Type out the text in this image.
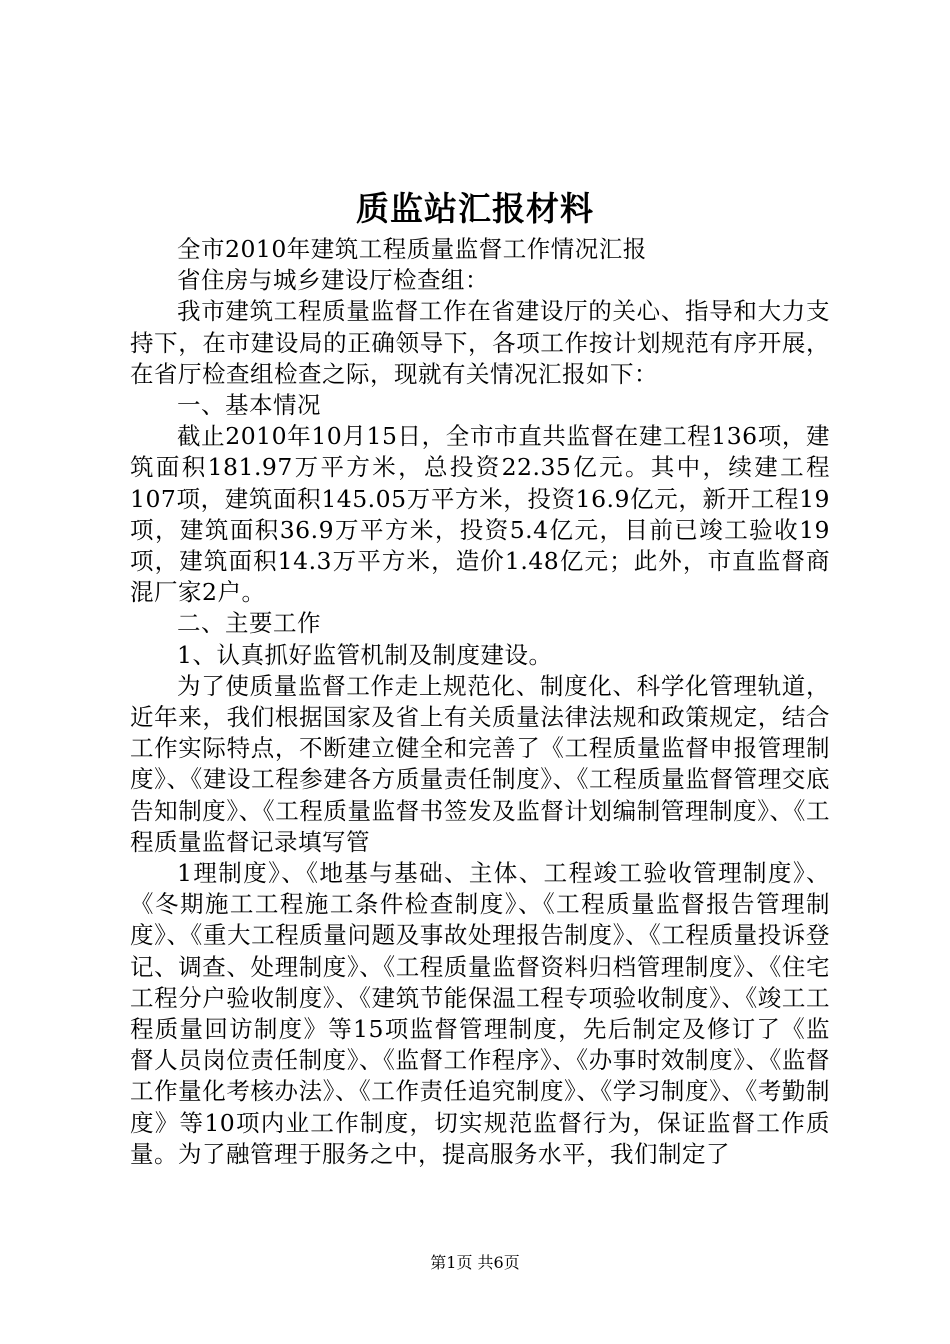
质监站汇报材料

全市2010年建筑工程质量监督工作情况汇报

省住房与城乡建设厅检查组：

我市建筑工程质量监督工作在省建设厅的关心、指导和大力支持下，在市建设局的正确领导下，各项工作按计划规范有序开展，在省厅检查组检查之际，现就有关情况汇报如下：

一、基本情况

截止2010年10月15日，全市市直共监督在建工程136项，建筑面积181.97万平方米，总投资22.35亿元。其中，续建工程107项，建筑面积145.05万平方米，投资16.9亿元，新开工程19项，建筑面积36.9万平方米，投资5.4亿元，目前已竣工验收19项，建筑面积14.3万平方米，造价1.48亿元；此外，市直监督商混厂家2户。

二、主要工作

1、认真抓好监管机制及制度建设。

为了使质量监督工作走上规范化、制度化、科学化管理轨道，近年来，我们根据国家及省上有关质量法律法规和政策规定，结合工作实际特点，不断建立健全和完善了《工程质量监督申报管理制度》、《建设工程参建各方质量责任制度》、《工程质量监督管理交底告知制度》、《工程质量监督书签发及监督计划编制管理制度》、《工程质量监督记录填写管

1理制度》、《地基与基础、主体、工程竣工验收管理制度》、《冬期施工工程施工条件检查制度》、《工程质量监督报告管理制度》、《重大工程质量问题及事故处理报告制度》、《工程质量投诉登记、调查、处理制度》、《工程质量监督资料归档管理制度》、《住宅工程分户验收制度》、《建筑节能保温工程专项验收制度》、《竣工工程质量回访制度》等15项监督管理制度，先后制定及修订了《监督人员岗位责任制度》、《监督工作程序》、《办事时效制度》、《监督工作量化考核办法》、《工作责任追究制度》、《学习制度》、《考勤制度》等10项内业工作制度，切实规范监督行为，保证监督工作质量。为了融管理于服务之中，提高服务水平，我们制定了

第1页 共6页
